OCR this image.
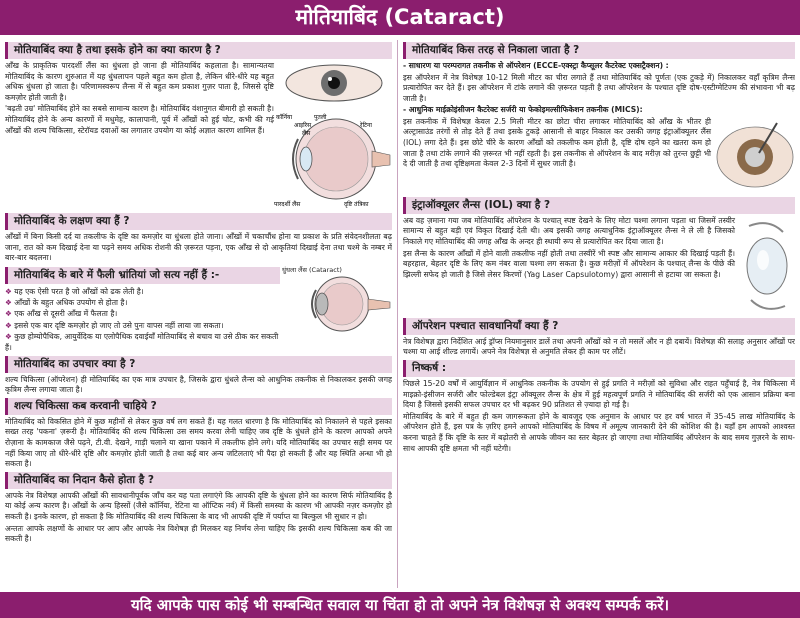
मोतियाबिंद (Cataract)
मोतियाबिंद क्या है तथा इसके होने का क्या कारण है ?

आँख के प्राकृतिक पारदर्शी लैंस का धुंधला हो जाना ही मोतियाबिंद कहलाता है। सामान्यतया मोतियाबिंद के कारण शुरुआत में यह धुंधलापन पहले बहुत कम होता है, लेकिन धीरे-धीरे यह बहुत अधिक धुंधला हो जाता है। परिणामस्वरूप लैन्स में से बहुत कम प्रकाश गुज़र पाता है, जिससे दृष्टि कमज़ोर होती जाती है।

'बढ़ती उम्र' मोतियाबिंद होने का सबसे सामान्य कारण है। मोतियाबिंद वंशानुगत बीमारी हो सकती है। मोतियाबिंद होने के अन्य कारणों में मधुमेह, कालापानी, पूर्व में आँखों को हुई चोट, कभी की गई आँखों की शल्य चिकित्सा, स्टेरॉयड दवाओं का लगातार उपयोग या कोई अज्ञात कारण शामिल हैं।

कॉर्निया	पुतली
आइरिस
लैंस
रेटिना
पारदर्शी लैंस	दृष्टि तंत्रिका
मोतियाबिंद के लक्षण क्या हैं ?

आँखों में बिना किसी दर्द या तकलीफ के दृष्टि का कमज़ोर या धुंधला होते जाना। आँखों में चकाचौंध होना या प्रकाश के प्रति संवेदनशीलता बढ़ जाना, रात को कम दिखाई देना या पढ़ने समय अधिक रोशनी की ज़रूरत पड़ना, एक आँख से दो आकृतियां दिखाई देना तथा चश्मे के नम्बर में बार-बार बदलना।

मोतियाबिंद के बारे में फैली भ्रांतियां जो सत्य नहीं हैं :-
❖ यह एक ऐसी परत है जो आँखों को ढक लेती है।
❖ आँखों के बहुत अधिक उपयोग से होता है।
❖ एक आँख से दूसरी आँख में फैलता है।
❖ इससे एक बार दृष्टि कमज़ोर हो जाए तो उसे पुनः वापस नहीं लाया जा सकता।
❖ कुछ होम्योपैथिक, आयुर्वेदिक या एलोपैथिक दवाईयाँ मोतियाबिंद से बचाव या उसे ठीक कर सकती हैं।
धुंधला लैंस (Cataract)
मोतियाबिंद का उपचार क्या है ?

शल्य चिकित्सा (ऑपरेशन) ही मोतियाबिंद का एक मात्र उपचार है, जिसके द्वारा धुंधले लैन्स को आधुनिक तकनीक से निकालकर इसकी जगह कृत्रिम लैन्स लगाया जाता है।

शल्य चिकित्सा कब करवानी चाहिये ?

मोतियाबिंद को विकसित होने में कुछ महीनों से लेकर कुछ वर्ष लग सकते हैं। यह गलत धारणा है कि मोतियाबिंद को निकालने से पहले इसका सख्त तरह 'पकना' ज़रूरी है। मोतियाबिंद की शल्य चिकित्सा उस समय करवा लेनी चाहिए जब दृष्टि के धुंधले होने के कारण आपको अपने रोज़ाना के कामकाज जैसे पढ़ने, टी.वी. देखने, गाड़ी चलाने या खाना पकाने में तकलीफ होने लगे। यदि मोतियाबिंद का उपचार सही समय पर नहीं किया जाए तो धीरे-धीरे दृष्टि और कमज़ोर होती जाती है तथा कई बार अन्य जटिलताएं भी पैदा हो सकती हैं और यह स्थिति अन्धा भी हो सकता है।

मोतियाबिंद का निदान कैसे होता है ?

आपके नेत्र विशेषज्ञ आपकी आँखों की सावधानीपूर्वक जाँच कर यह पता लगाएंगे कि आपकी दृष्टि के धुंधला होने का कारण सिर्फ मोतियाबिंद है या कोई अन्य कारण है। आँखों के अन्य हिस्सों (जैसे कॉर्निया, रेटिना या ऑप्टिक नर्व) में किसी समस्या के कारण भी आपकी नज़र कमज़ोर हो सकती है। इनके कारण, हो सकता है कि मोतियाबिंद की शल्य चिकित्सा के बाद भी आपकी दृष्टि में पर्याप्त या बिल्कुल भी सुधार न हो।

अन्ततः आपके लक्षणों के आधार पर आप और आपके नेत्र विशेषज्ञ ही मिलकर यह निर्णय लेना चाहिए कि इसकी शल्य चिकित्सा कब की जा सकती है।

मोतियाबिंद किस तरह से निकाला जाता है ?
- साधारण या परम्परागत तकनीक से ऑपरेशन (ECCE-एक्स्ट्रा कैप्सूलर कैटरेक्ट एक्सट्रैक्शन) :

इस ऑपरेशन में नेत्र विशेषज्ञ 10-12 मिली मीटर का चीरा लगाते हैं तथा मोतियाबिंद को पूर्णतः (एक टुकड़े में) निकालकर वहाँ कृत्रिम लैन्स प्रत्यारोपित कर देते हैं। इस ऑपरेशन में टांके लगाने की ज़रूरत पड़ती है तथा ऑपरेशन के पश्चात दृष्टि दोष-एस्टीग्मेटिज्म की संभावना भी बढ़ जाती है।

- आधुनिक माईक्रोइंसीजन कैटरेक्ट सर्जरी या फेकोइमल्सीफिकेशन तकनीक (MICS):

इस तकनीक में विशेषज्ञ केवल 2.5 मिली मीटर का छोटा चीरा लगाकर मोतियाबिंद को आँख के भीतर ही अल्ट्रासाउंड तरंगों से तोड़ देते हैं तथा इसके टुकड़े आसानी से बाहर निकाल कर उसकी जगह इंट्राऑक्यूलर लैंस (IOL) लगा देते हैं। इस छोटे चीरे के कारण आँखों को तकलीफ कम होती है, दृष्टि दोष रहने का खतरा कम हो जाता है तथा टांके लगाने की ज़रूरत भी नहीं रहती है। इस तकनीक से ऑपरेशन के बाद मरीज़ को तुरन्त छुट्टी भी दे दी जाती है तथा दृष्टिक्षमता केवल 2-3 दिनों में सुधर जाती है।

इंट्राऑक्यूलर लैन्स (IOL) क्या है ?

अब वह ज़माना गया जब मोतियाबिंद ऑपरेशन के पश्चात् स्पष्ट देखने के लिए मोटा चश्मा लगाना पड़ता था जिसमें तस्वीर सामान्य से बहुत बड़ी एवं विकृत दिखाई देती थी। अब इसकी जगह अत्याधुनिक इंट्राऑक्यूलर लैन्स ने ले ली है जिसको निकाले गए मोतियाबिंद की जगह आँख के अन्दर ही स्थायी रूप से प्रत्यारोपित कर दिया जाता है।

इस लैन्स के कारण आँखों में होने वाली तकलीफ नहीं होती तथा तस्वीरें भी स्पष्ट और सामान्य आकार की दिखाई पड़ती हैं। बहरहाल, बेहतर दृष्टि के लिए कम नंबर वाला चश्मा लग सकता है। कुछ मरीज़ों में ऑपरेशन के पश्चात् लैन्स के पीछे की झिल्ली सफेद हो जाती है जिसे लेसर किरणों (Yag Laser Capsulotomy) द्वारा आसानी से हटाया जा सकता है।

ऑपरेशन पश्चात सावधानियाँ क्या हैं ?

नेत्र विशेषज्ञ द्वारा निर्देशित आई ड्रॉप्स नियमानुसार डालें तथा अपनी आँखों को न तो मसलें और न ही दबायें। विशेषज्ञ की सलाह अनुसार आँखों पर चश्मा या आई शील्ड लगायें। अपने नेत्र विशेषज्ञ से अनुमति लेकर ही काम पर लौटें।

निष्कर्ष :

पिछले 15-20 वर्षों में आयुर्विज्ञान में आधुनिक तकनीक के उपयोग से हुई प्रगति ने मरीज़ों को सुविधा और राहत पहुँचाई है, नेत्र चिकित्सा में माइक्रो-इंसीजन सर्जरी और फोल्डेबल इंट्रा ऑक्यूलर लैन्स के क्षेत्र में हुई महत्वपूर्ण प्रगति ने मोतियाबिंद की सर्जरी को एक आसान प्रक्रिया बना दिया है जिससे इसकी सफल उपचार दर भी बढ़कर 90 प्रतिशत से ज़्यादा हो गई है।

मोतियाबिंद के बारे में बहुत ही कम जागरूकता होने के बावजूद एक अनुमान के आधार पर हर वर्ष भारत में 35-45 लाख मोतियाबिंद के ऑपरेशन होते हैं, इस पत्र के ज़रिए हमने आपको मोतियाबिंद के विषय में अमूल्य जानकारी देने की कोशिश की है। यहाँ हम आपको आश्वस्त करना चाहते हैं कि दृष्टि के स्तर में बढ़ोतरी से आपके जीवन का स्तर बेहतर हो जाएगा तथा मोतियाबिंद ऑपरेशन के बाद समय गुज़रने के साथ-साथ आपकी दृष्टि क्षमता भी नहीं घटेगी।

यदि आपके पास कोई भी सम्बन्धित सवाल या चिंता हो तो अपने नेत्र विशेषज्ञ से अवश्य सम्पर्क करें।
